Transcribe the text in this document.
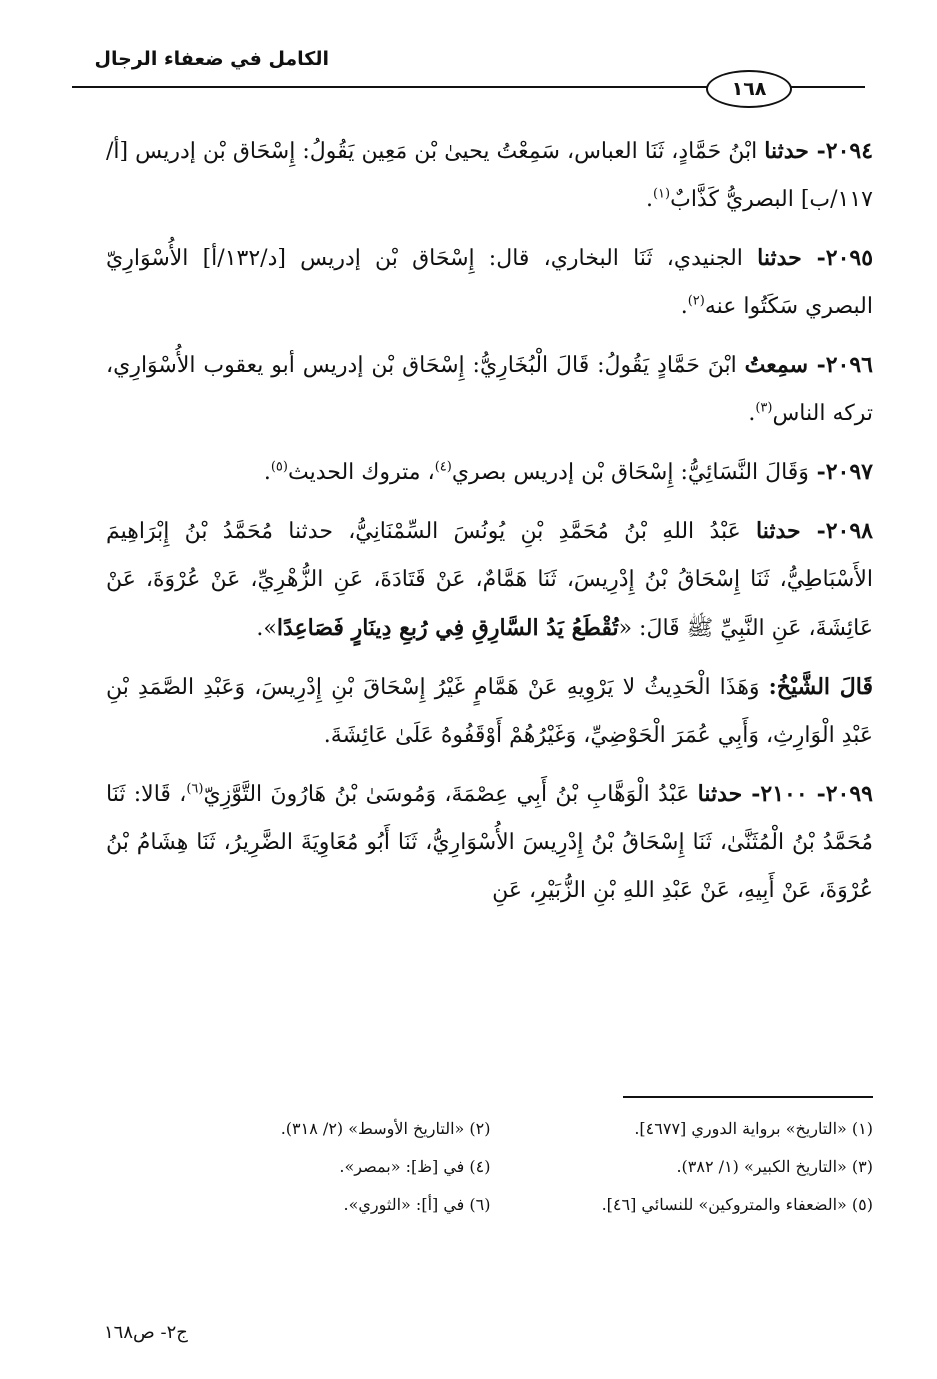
الكامل في ضعفاء الرجال
١٦٨

٢٠٩٤- حدثنا ابْنُ حَمَّادٍ، ثَنَا العباس، سَمِعْتُ يحيىٰ بْن مَعِين يَقُولُ: إِسْحَاق بْن إدريس [أ/١١٧/ب] البصريُّ كَذَّابٌ$^{(١)}$.

٢٠٩٥- حدثنا الجنيدي، ثَنَا البخاري، قال: إِسْحَاق بْن إدريس [د/١٣٢/أ] الأُسْوَارِيّ البصري سَكَتُوا عنه$^{(٢)}$.

٢٠٩٦- سمِعتُ ابْنَ حَمَّادٍ يَقُولُ: قَالَ الْبُخَارِيُّ: إِسْحَاق بْن إدريس أبو يعقوب الأُسْوَارِي، تركه الناس$^{(٣)}$.

٢٠٩٧- وَقَالَ النَّسَائِيُّ: إِسْحَاق بْن إدريس بصري$^{(٤)}$، متروك الحديث$^{(٥)}$.

٢٠٩٨- حدثنا عَبْدُ اللهِ بْنُ مُحَمَّدِ بْنِ يُونُسَ السِّمْنَانِيُّ، حدثنا مُحَمَّدُ بْنُ إِبْرَاهِيمَ الأَسْبَاطِيُّ، ثَنَا إِسْحَاقُ بْنُ إِدْرِيسَ، ثَنَا هَمَّامٌ، عَنْ قَتَادَةَ، عَنِ الزُّهْرِيِّ، عَنْ عُرْوَةَ، عَنْ عَائِشَةَ، عَنِ النَّبِيِّ ﷺ قَالَ: «تُقْطَعُ يَدُ السَّارِقِ فِي رُبعِ دِينَارٍ فَصَاعِدًا».

قَالَ الشَّيْخُ: وَهَذَا الْحَدِيثُ لا يَرْوِيهِ عَنْ هَمَّامٍ غَيْرُ إِسْحَاقَ بْنِ إِدْرِيسَ، وَعَبْدِ الصَّمَدِ بْنِ عَبْدِ الْوَارِثِ، وَأَبِي عُمَرَ الْحَوْضِيِّ، وَغَيْرُهُمْ أَوْقَفُوهُ عَلَىٰ عَائِشَةَ.

٢٠٩٩- ٢١٠٠- حدثنا عَبْدُ الْوَهَّابِ بْنُ أَبِي عِصْمَةَ، وَمُوسَىٰ بْنُ هَارُونَ التَّوَّزِيّ$^{(٦)}$، قَالا: ثَنَا مُحَمَّدُ بْنُ الْمُثَنَّىٰ، ثَنَا إِسْحَاقُ بْنُ إِدْرِيسَ الأُسْوَارِيُّ، ثَنَا أَبُو مُعَاوِيَةَ الضَّرِيرُ، ثَنَا هِشَامُ بْنُ عُرْوَةَ، عَنْ أَبِيهِ، عَنْ عَبْدِ اللهِ بْنِ الزُّبَيْرِ، عَنِ

(١) «التاريخ» برواية الدوري [٤٦٧٧].
(٢) «التاريخ الأوسط» (٢/ ٣١٨).
(٣) «التاريخ الكبير» (١/ ٣٨٢).
(٤) في [ظ]: «بمصر».
(٥) «الضعفاء والمتروكين» للنسائي [٤٦].
(٦) في [أ]: «الثوري».
ج٢- ص١٦٨
